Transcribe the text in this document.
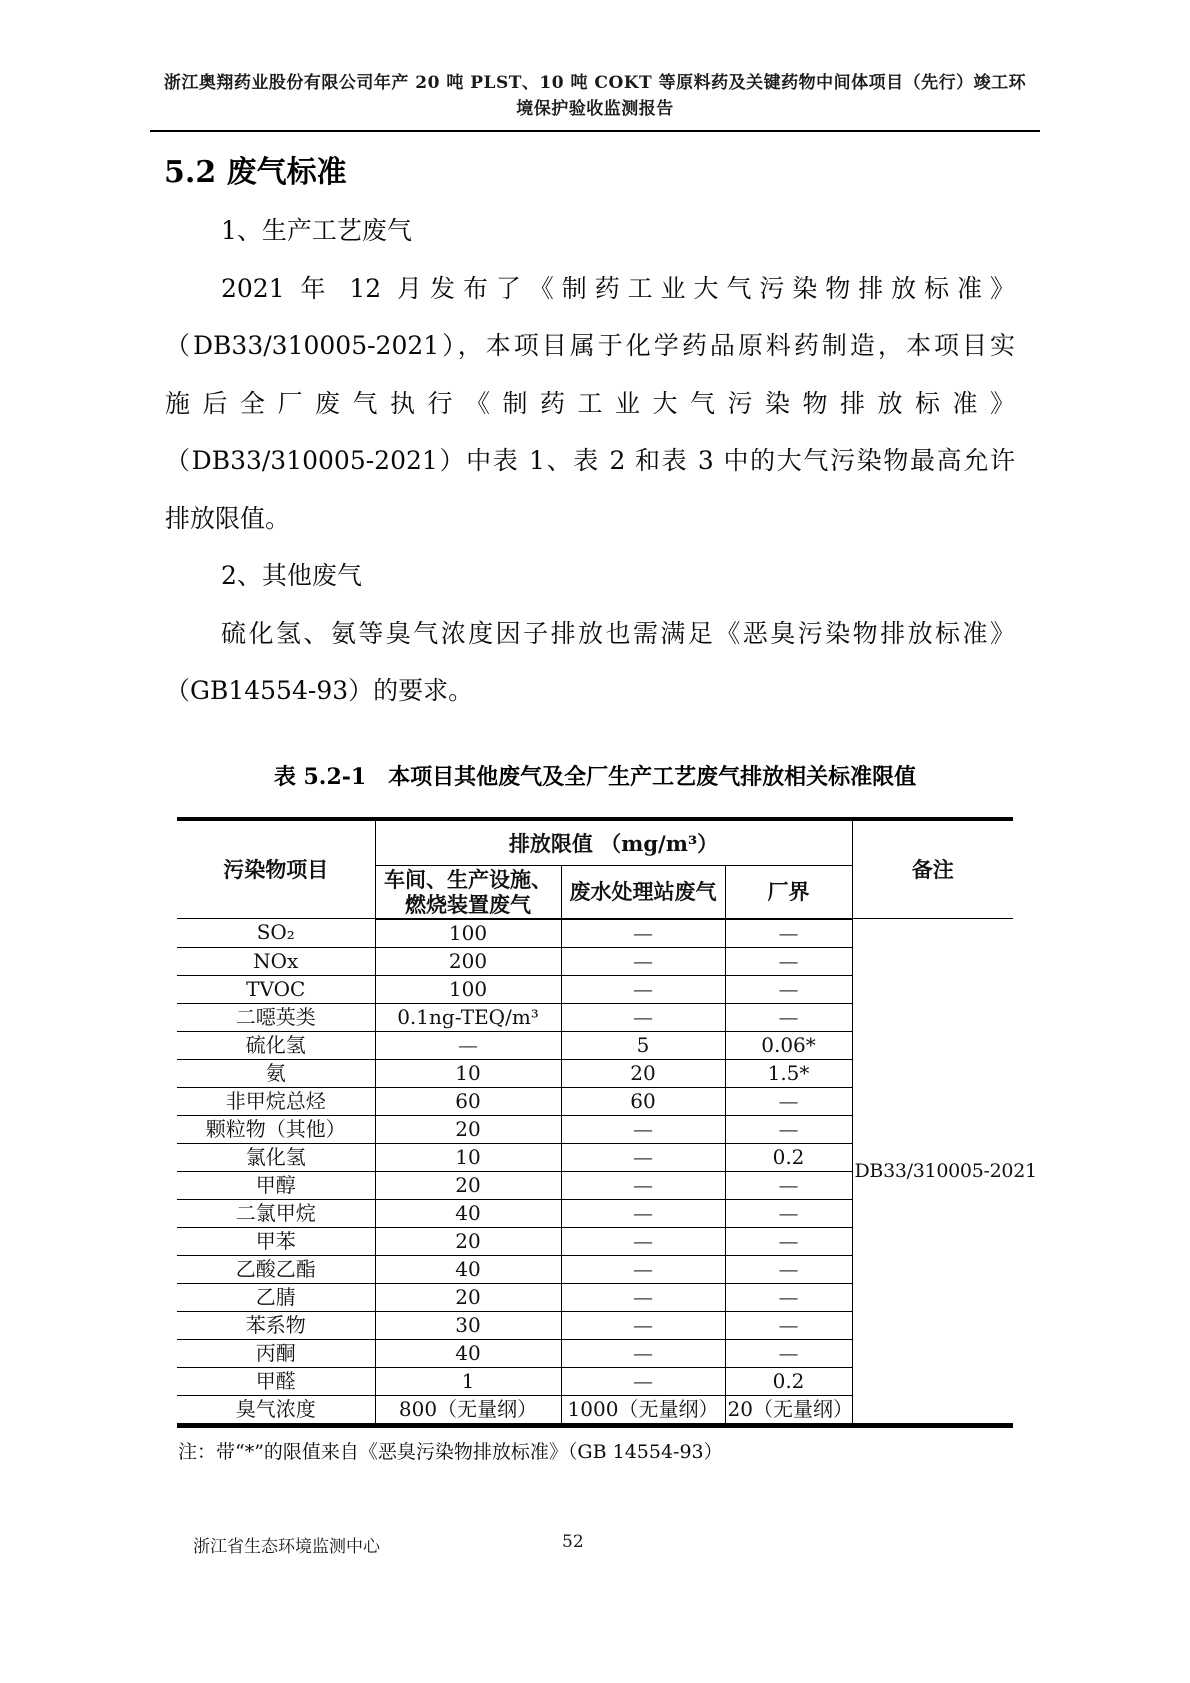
浙江奥翔药业股份有限公司年产 20 吨 PLST、10 吨 COKT 等原料药及关键药物中间体项目（先行）竣工环
境保护验收监测报告
5.2 废气标准
1、生产工艺废气
2021 年 12 月发布了《制药工业大气污染物排放标准》
（DB33/310005-2021），本项目属于化学药品原料药制造，本项目实
施后全厂废气执行《制药工业大气污染物排放标准》
（DB33/310005-2021）中表 1、表 2 和表 3 中的大气污染物最高允许
排放限值。
2、其他废气
硫化氢、氨等臭气浓度因子排放也需满足《恶臭污染物排放标准》
（GB14554-93）的要求。
表 5.2-1　本项目其他废气及全厂生产工艺废气排放相关标准限值
污染物项目	排放限值 （mg/m³）			备注
	车间、生产设施、燃烧装置废气	废水处理站废气	厂界	
SO₂	100	—	—	DB33/310005-2021
NOx	200	—	—	
TVOC	100	—	—	
二噁英类	0.1ng-TEQ/m³	—	—	
硫化氢	—	5	0.06*	
氨	10	20	1.5*	
非甲烷总烃	60	60	—	
颗粒物（其他）	20	—	—	
氯化氢	10	—	0.2	
甲醇	20	—	—	
二氯甲烷	40	—	—	
甲苯	20	—	—	
乙酸乙酯	40	—	—	
乙腈	20	—	—	
苯系物	30	—	—	
丙酮	40	—	—	
甲醛	1	—	0.2	
臭气浓度	800（无量纲）	1000（无量纲）	20（无量纲）	
注：带“*”的限值来自《恶臭污染物排放标准》（GB 14554-93）
浙江省生态环境监测中心	52
